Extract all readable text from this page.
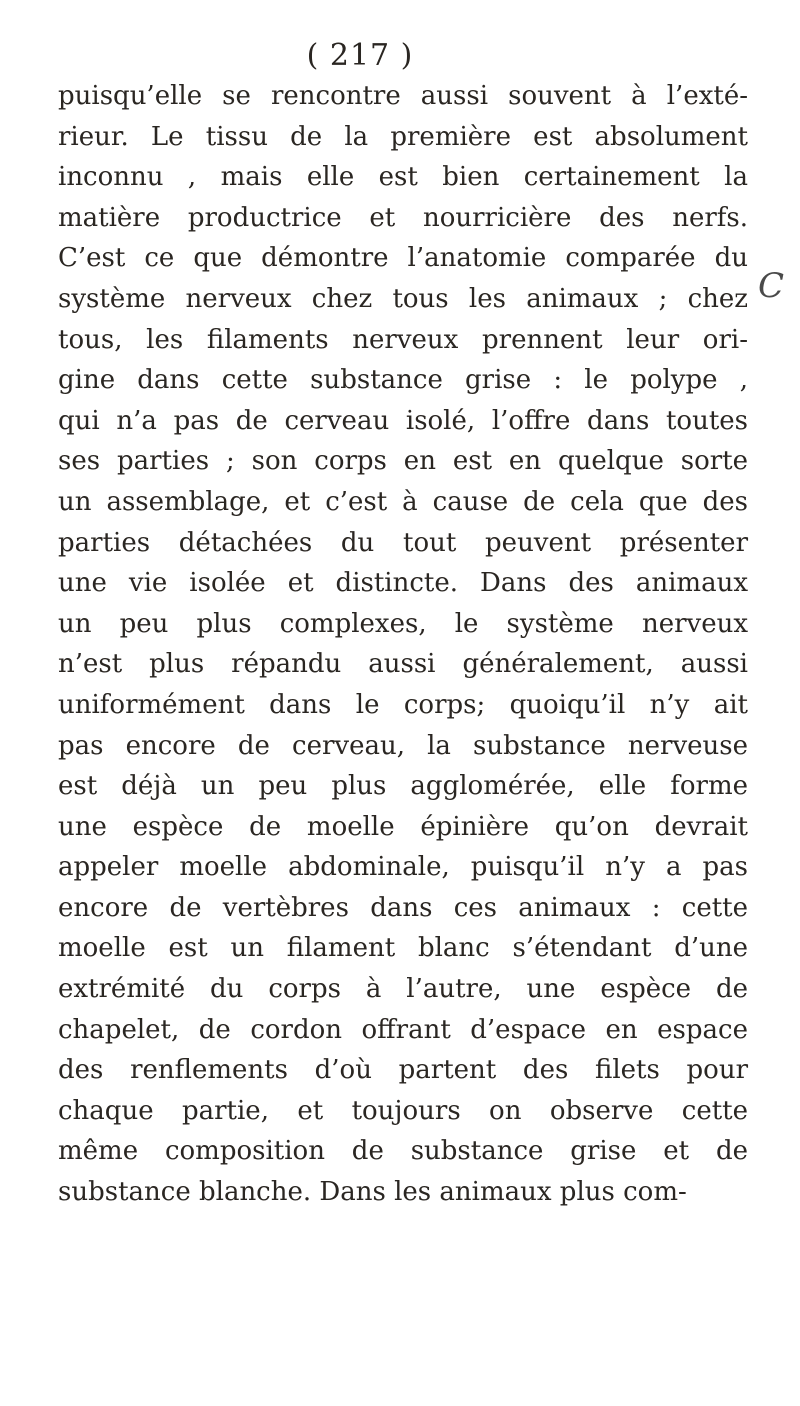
( 217 )
C
puisqu’elle se rencontre aussi souvent à l’exté-
rieur. Le tissu de la première est absolument
inconnu , mais elle est bien certainement la
matière productrice et nourricière des nerfs.
C’est ce que démontre l’anatomie comparée du
système nerveux chez tous les animaux ; chez
tous, les filaments nerveux prennent leur ori-
gine dans cette substance grise : le polype ,
qui n’a pas de cerveau isolé, l’offre dans toutes
ses parties ; son corps en est en quelque sorte
un assemblage, et c’est à cause de cela que des
parties détachées du tout peuvent présenter
une vie isolée et distincte. Dans des animaux
un peu plus complexes, le système nerveux
n’est plus répandu aussi généralement, aussi
uniformément dans le corps; quoiqu’il n’y ait
pas encore de cerveau, la substance nerveuse
est déjà un peu plus agglomérée, elle forme
une espèce de moelle épinière qu’on devrait
appeler moelle abdominale, puisqu’il n’y a pas
encore de vertèbres dans ces animaux : cette
moelle est un filament blanc s’étendant d’une
extrémité du corps à l’autre, une espèce de
chapelet, de cordon offrant d’espace en espace
des renflements d’où partent des filets pour
chaque partie, et toujours on observe cette
même composition de substance grise et de
substance blanche. Dans les animaux plus com-
